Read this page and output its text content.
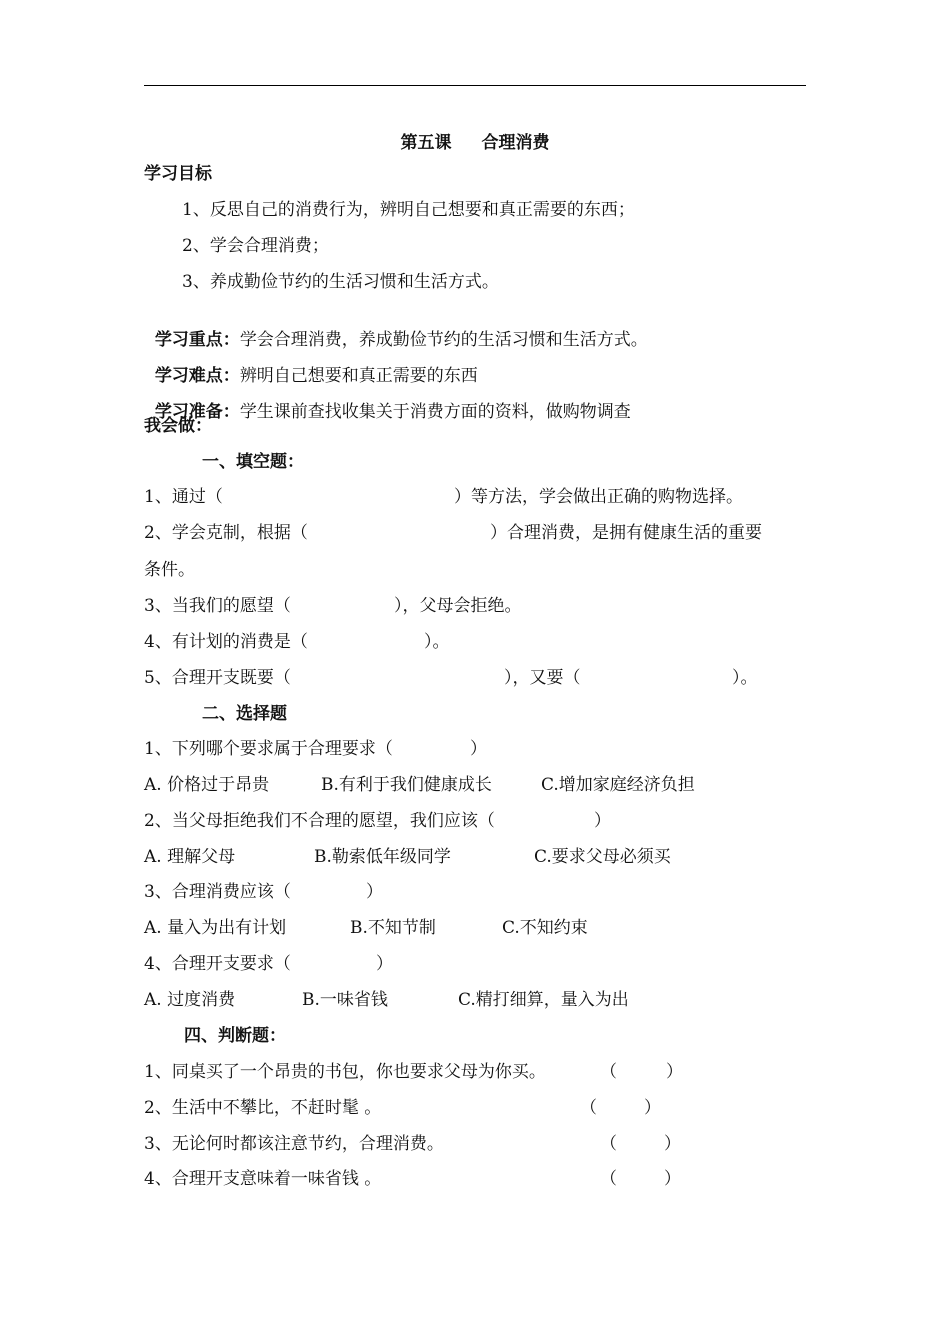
第五课 合理消费
学习目标
1、反思自己的消费行为，辨明自己想要和真正需要的东西；
2、学会合理消费；
3、养成勤俭节约的生活习惯和生活方式。

学习重点：学会合理消费，养成勤俭节约的生活习惯和生活方式。

学习难点：辨明自己想要和真正需要的东西

学习准备：学生课前查找收集关于消费方面的资料，做购物调查

我会做：
一、填空题：

1、通过（

	）等方法，学会做出正确的购物选择。

2、学会克制，根据（

	）合理消费，是拥有健康生活的重要

条件。

3、当我们的愿望（

	），父母会拒绝。

4、有计划的消费是（

	）。

5、合理开支既要（

	），又要（

	）。

二、选择题

1、下列哪个要求属于合理要求（

	）

A. 价格过于昂贵

	B.有利于我们健康成长

	C.增加家庭经济负担

2、当父母拒绝我们不合理的愿望，我们应该（

	）

A. 理解父母

	B.勒索低年级同学

	C.要求父母必须买

3、合理消费应该（

	）

A. 量入为出有计划

	B.不知节制

	C.不知约束

4、合理开支要求（

	）

A. 过度消费

	B.一味省钱

	C.精打细算，量入为出

四、判断题：

1、同桌买了一个昂贵的书包，你也要求父母为你买。

	（

	）

2、生活中不攀比，不赶时髦 。

	（

	）

3、无论何时都该注意节约，合理消费。

	（

	）

4、合理开支意味着一味省钱 。

	（

	）
